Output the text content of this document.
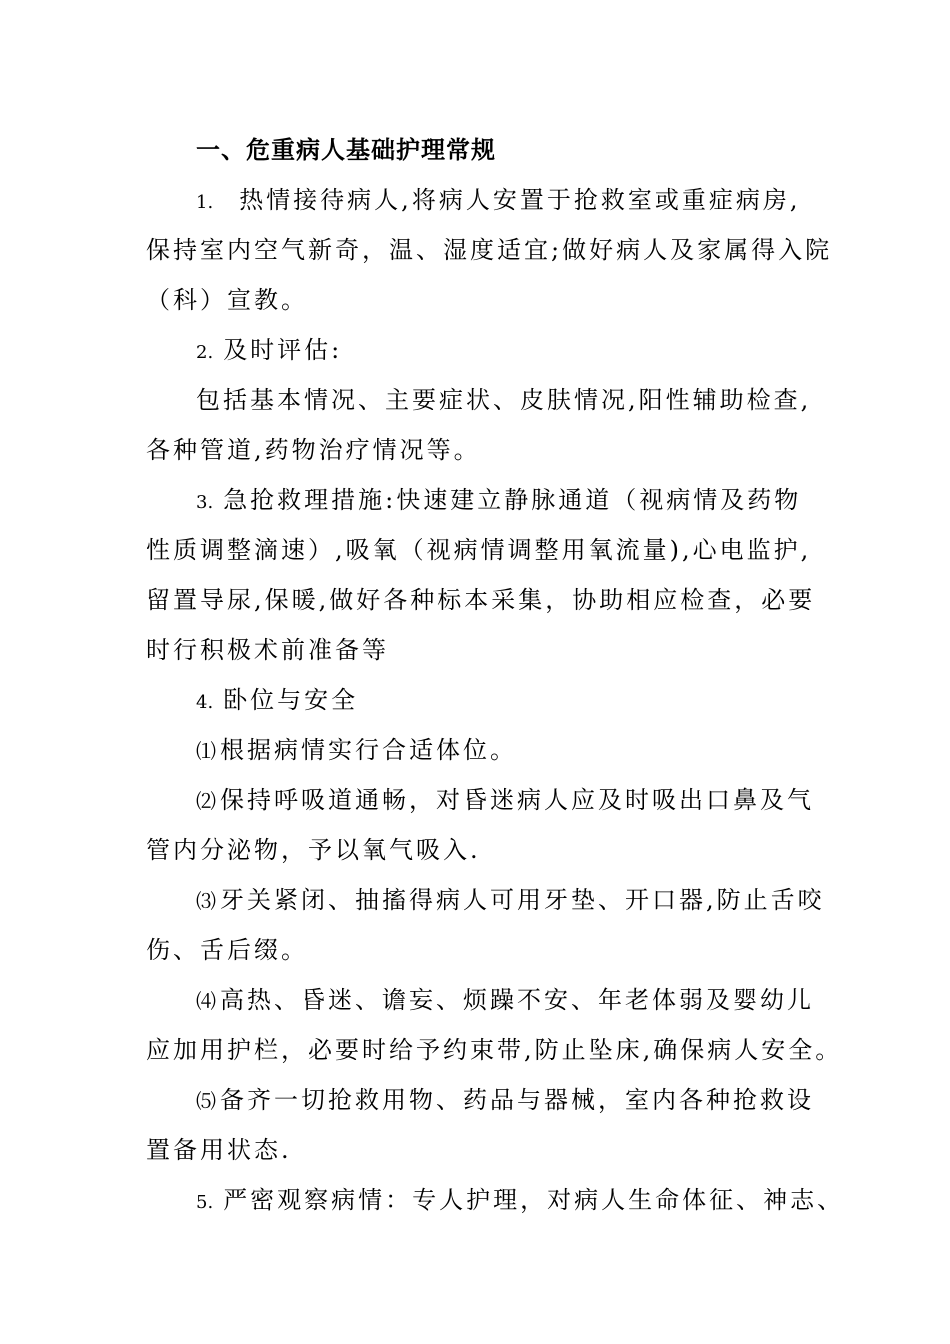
一、危重病人基础护理常规
1. 热情接待病人,将病人安置于抢救室或重症病房,
保持室内空气新奇，温、湿度适宜;做好病人及家属得入院
（科）宣教。
2. 及时评估:
包括基本情况、主要症状、皮肤情况,阳性辅助检查,
各种管道,药物治疗情况等。
3. 急抢救理措施:快速建立静脉通道（视病情及药物
性质调整滴速）,吸氧（视病情调整用氧流量),心电监护,
留置导尿,保暖,做好各种标本采集，协助相应检查，必要
时行积极术前准备等
4. 卧位与安全
⑴ 根据病情实行合适体位。
⑵ 保持呼吸道通畅，对昏迷病人应及时吸出口鼻及气
管内分泌物，予以氧气吸入.
⑶ 牙关紧闭、抽搐得病人可用牙垫、开口器,防止舌咬
伤、舌后缀。
⑷ 高热、昏迷、谵妄、烦躁不安、年老体弱及婴幼儿
应加用护栏，必要时给予约束带,防止坠床,确保病人安全。
⑸ 备齐一切抢救用物、药品与器械，室内各种抢救设
置备用状态.
5. 严密观察病情：专人护理，对病人生命体征、神志、
